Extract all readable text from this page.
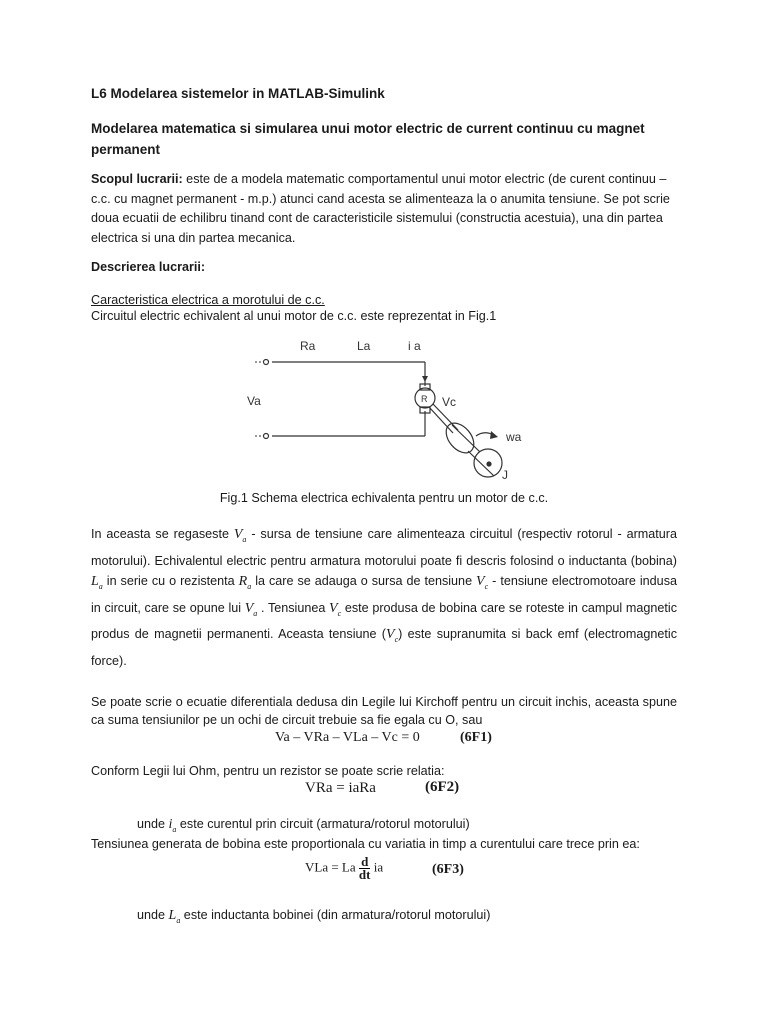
L6 Modelarea sistemelor in MATLAB-Simulink
Modelarea matematica si simularea unui motor electric de current continuu cu magnet permanent
Scopul lucrarii: este de a modela matematic comportamentul unui motor electric (de curent continuu – c.c. cu magnet permanent - m.p.) atunci cand acesta se alimenteaza la o anumita tensiune. Se pot scrie doua ecuatii de echilibru tinand cont de caracteristicile sistemului (constructia acestuia), una din partea electrica si una din partea mecanica.
Descrierea lucrarii:
Caracteristica electrica a morotului de c.c.
Circuitul electric echivalent al unui motor de c.c. este reprezentat in Fig.1
Ra	La	i a
Va	Vc
R
wa
J
Fig.1 Schema electrica echivalenta pentru un motor de c.c.
In aceasta se regaseste $V_a$ - sursa de tensiune care alimenteaza circuitul (respectiv rotorul - armatura motorului). Echivalentul electric pentru armatura motorului poate fi descris folosind o inductanta (bobina) $L_a$ in serie cu o rezistenta $R_a$ la care se adauga o sursa de tensiune $V_c$ - tensiune electromotoare indusa in circuit, care se opune lui $V_a$ . Tensiunea $V_c$ este produsa de bobina care se roteste in campul magnetic produs de magnetii permanenti. Aceasta tensiune $(V_c)$ este supranumita si back emf (electromagnetic force).
Se poate scrie o ecuatie diferentiala dedusa din Legile lui Kirchoff pentru un circuit inchis, aceasta spune ca suma tensiunilor pe un ochi de circuit trebuie sa fie egala cu O, sau
Va – VRa – VLa – Vc = 0	(6F1)
Conform Legii lui Ohm, pentru un rezistor se poate scrie relatia:
VRa = iaRa	(6F2)
unde $i_a$ este curentul prin circuit (armatura/rotorul motorului)
Tensiunea generata de bobina este proportionala cu variatia in timp a curentului care trece prin ea:
VLa = La $\frac{d}{dt}$ ia	(6F3)
unde $L_a$ este inductanta bobinei (din armatura/rotorul motorului)
